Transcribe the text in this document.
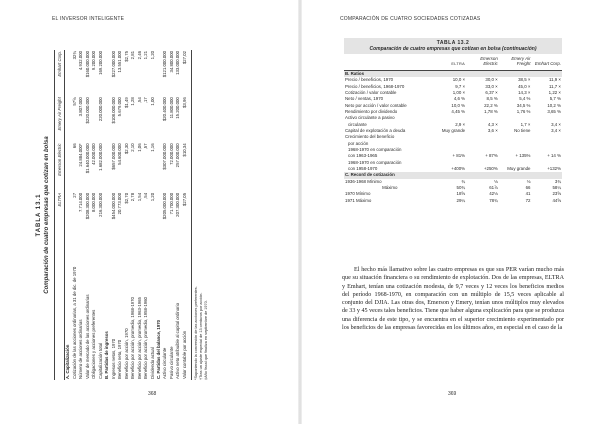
EL INVERSOR INTELIGENTE
TABLA 13.1 Comparación de cuatro empresas que cotizan en bolsa
	ELTRA	Emerson Electric	Emery Air Freight	Emhart Corp.
A. Capitalización				
Cotización de las acciones ordinarias, a 31 de dic. de 1970	27	66	57⅝	32¾
Número de acciones ordinarias	7.714.000	24.884.000*	3.807.000	4.932.000
Valor de mercado de las acciones ordinarias	$208.300.000	$1.640.000.000	$220.000.000	$160.000.000
Obligaciones y acciones preferentes	8.000.000	42.000.000		9.200.000
Capitalización total	216.300.000	1.682.000.000	220.000.000	169.200.000
B. Partidas de ingresos				
Ingresos netos, 1970	$454.000.000	$657.000.000	$108.000.000	$227.000.000
Beneficio neto, 1970	20.773.000	54.600.000	5.679.000	13.551.000
Beneficio por acción, 1970	$2,70	$2,30	$1,49	$2,75
Beneficio por acción, promedio, 1968-1970	2,78	2,10	1,28	2,81
Beneficio por acción, promedio, 1963-1965	1,54	1,06	,54	2,46
Beneficio por acción, promedio, 1958-1960	,54	,57	,17	1,21
Dividendo actual	1,20	1,16	1,00	1,20
C. Partidas del balance, 1970				
Activo circulante	$205.000.000	$307.000.000	$20.400.000	$121.000.000
Pasivo circulante	71.700.000	72.000.000	11.800.000	34.800.000
Activo neto atribuible al capital ordinario	207.300.000	257.000.000	15.200.000	133.000.000
Valor contable por acción	$27,05	$10,34	$3,96	$27,02
*Suponiendo la conversión de las acciones preferentes. †Tras un ajuste especial de 13 centavos por acción. ‡Año fiscal que finaliza en septiembre de 1970.
368
COMPARACIÓN DE CUATRO SOCIEDADES COTIZADAS
TABLA 13.2
Comparación de cuatro empresas que cotizan en bolsa (continuación)
	ELTRA	Emerson Electric	Emery Air Freight	Emhart Corp.
B. Ratios				
Precio / beneficios, 1970	10,0 ×	30,0 ×	38,5 ×	11,9 ×
Precio / beneficios, 1968-1970	9,7 ×	33,0 ×	45,0 ×	11,7 ×
Cotización / valor contable	1,00 ×	6,37 ×	14,3 ×	1,22 ×
Neto / ventas, 1970	4,6 %	8,5 %	5,4 %	5,7 %
Neto por acción / valor contable	10,0 %	22,2 %	34,5 %	10,2 %
Rendimiento por dividendo	4,45 %	1,78 %	1,76 %	3,65 %
Activo circulante a pasivo				
circulante	2,9 ×	4,3 ×	1,7 ×	3,4 ×
Capital de explotación a deuda	Muy grande	3,6 ×	No tiene	3,4 ×
Crecimiento del beneficio				
por acción				
1968-1970 en comparación				
con 1963-1965	+ 81%	+ 87%	+ 135%	+ 14 %
1968-1970 en comparación				
con 1958-1970	+400%	+250%	Muy grande	+132%
C. Record de cotización				
1936-1968 Mínimo	¾	⅛	⅛	3¾
Máximo	50¾	61⅞	66	58¼
1970 Mínimo	18⅝	42⅛	41	23⅝
1971 Máximo	29¼	78¾	72	44⅝

El hecho más llamativo sobre las cuatro empresas es que sus PER varían mucho más que su situación financiera o su rendimiento de explotación. Dos de las empresas, ELTRA y Emhart, tenían una cotización modesta, de 9,7 veces y 12 veces los beneficios medios del período 1968-1970, en comparación con un múltiplo de 15,5 veces aplicable al conjunto del DJIA. Las otras dos, Emerson y Emery, tenían unos múltiplos muy elevados de 33 y 45 veces tales beneficios. Tiene que haber alguna explicación para que se produzca una diferencia de este tipo, y se encuentra en el superior crecimiento experimentado por los beneficios de las empresas favorecidas en los últimos años, en especial en el caso de la

369
